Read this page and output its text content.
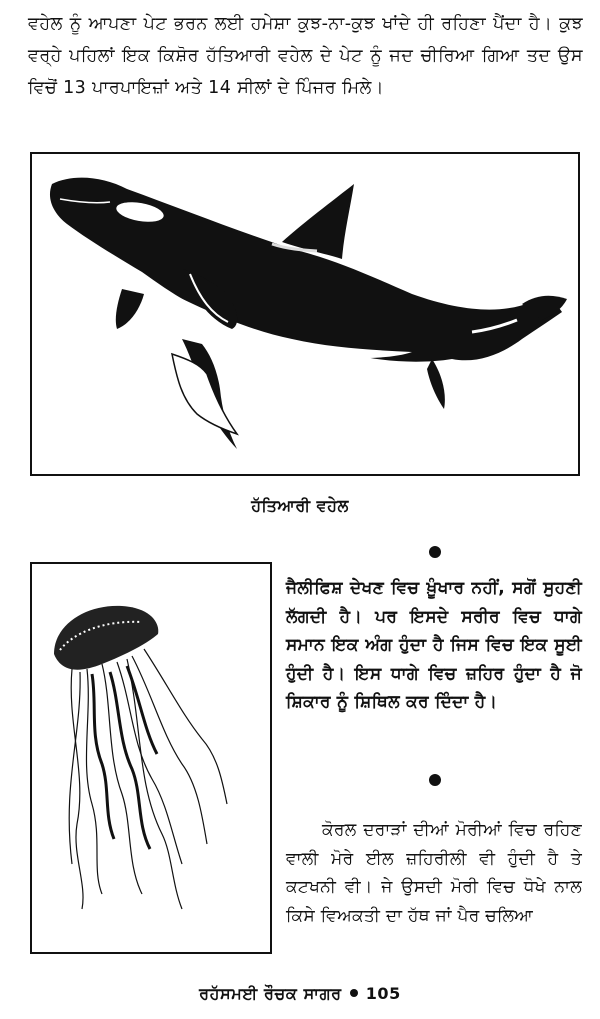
ਵਹੇਲ ਨੂੰ ਆਪਣਾ ਪੇਟ ਭਰਨ ਲਈ ਹਮੇਸ਼ਾ ਕੁਝ-ਨਾ-ਕੁਝ ਖਾਂਦੇ ਹੀ ਰਹਿਣਾ ਪੈਂਦਾ ਹੈ। ਕੁਝ ਵਰ੍ਹੇ ਪਹਿਲਾਂ ਇਕ ਕਿਸ਼ੋਰ ਹੱਤਿਆਰੀ ਵਹੇਲ ਦੇ ਪੇਟ ਨੂੰ ਜਦ ਚੀਰਿਆ ਗਿਆ ਤਦ ਉਸ ਵਿਚੋਂ 13 ਪਾਰਪਾਇਜ਼ਾਂ ਅਤੇ 14 ਸੀਲਾਂ ਦੇ ਪਿੰਜਰ ਮਿਲੇ।
ਹੱਤਿਆਰੀ ਵਹੇਲ
ਜੈਲੀਫਿਸ਼ ਦੇਖਣ ਵਿਚ ਖ਼ੂੰਖਾਰ ਨਹੀਂ, ਸਗੋਂ ਸੁਹਣੀ ਲੱਗਦੀ ਹੈ। ਪਰ ਇਸਦੇ ਸਰੀਰ ਵਿਚ ਧਾਗੇ ਸਮਾਨ ਇਕ ਅੰਗ ਹੁੰਦਾ ਹੈ ਜਿਸ ਵਿਚ ਇਕ ਸੂਈ ਹੁੰਦੀ ਹੈ। ਇਸ ਧਾਗੇ ਵਿਚ ਜ਼ਹਿਰ ਹੁੰਦਾ ਹੈ ਜੋ ਸ਼ਿਕਾਰ ਨੂੰ ਸ਼ਿਥਿਲ ਕਰ ਦਿੰਦਾ ਹੈ।
ਕੋਰਲ ਦਰਾੜਾਂ ਦੀਆਂ ਮੋਰੀਆਂ ਵਿਚ ਰਹਿਣ ਵਾਲੀ ਮੋਰੇ ਈਲ ਜ਼ਹਿਰੀਲੀ ਵੀ ਹੁੰਦੀ ਹੈ ਤੇ ਕਟਖਨੀ ਵੀ। ਜੇ ਉਸਦੀ ਮੋਰੀ ਵਿਚ ਧੋਖੇ ਨਾਲ ਕਿਸੇ ਵਿਅਕਤੀ ਦਾ ਹੱਥ ਜਾਂ ਪੈਰ ਚਲਿਆ
ਰਹੱਸਮਈ ਰੌਚਕ ਸਾਗਰ 105
